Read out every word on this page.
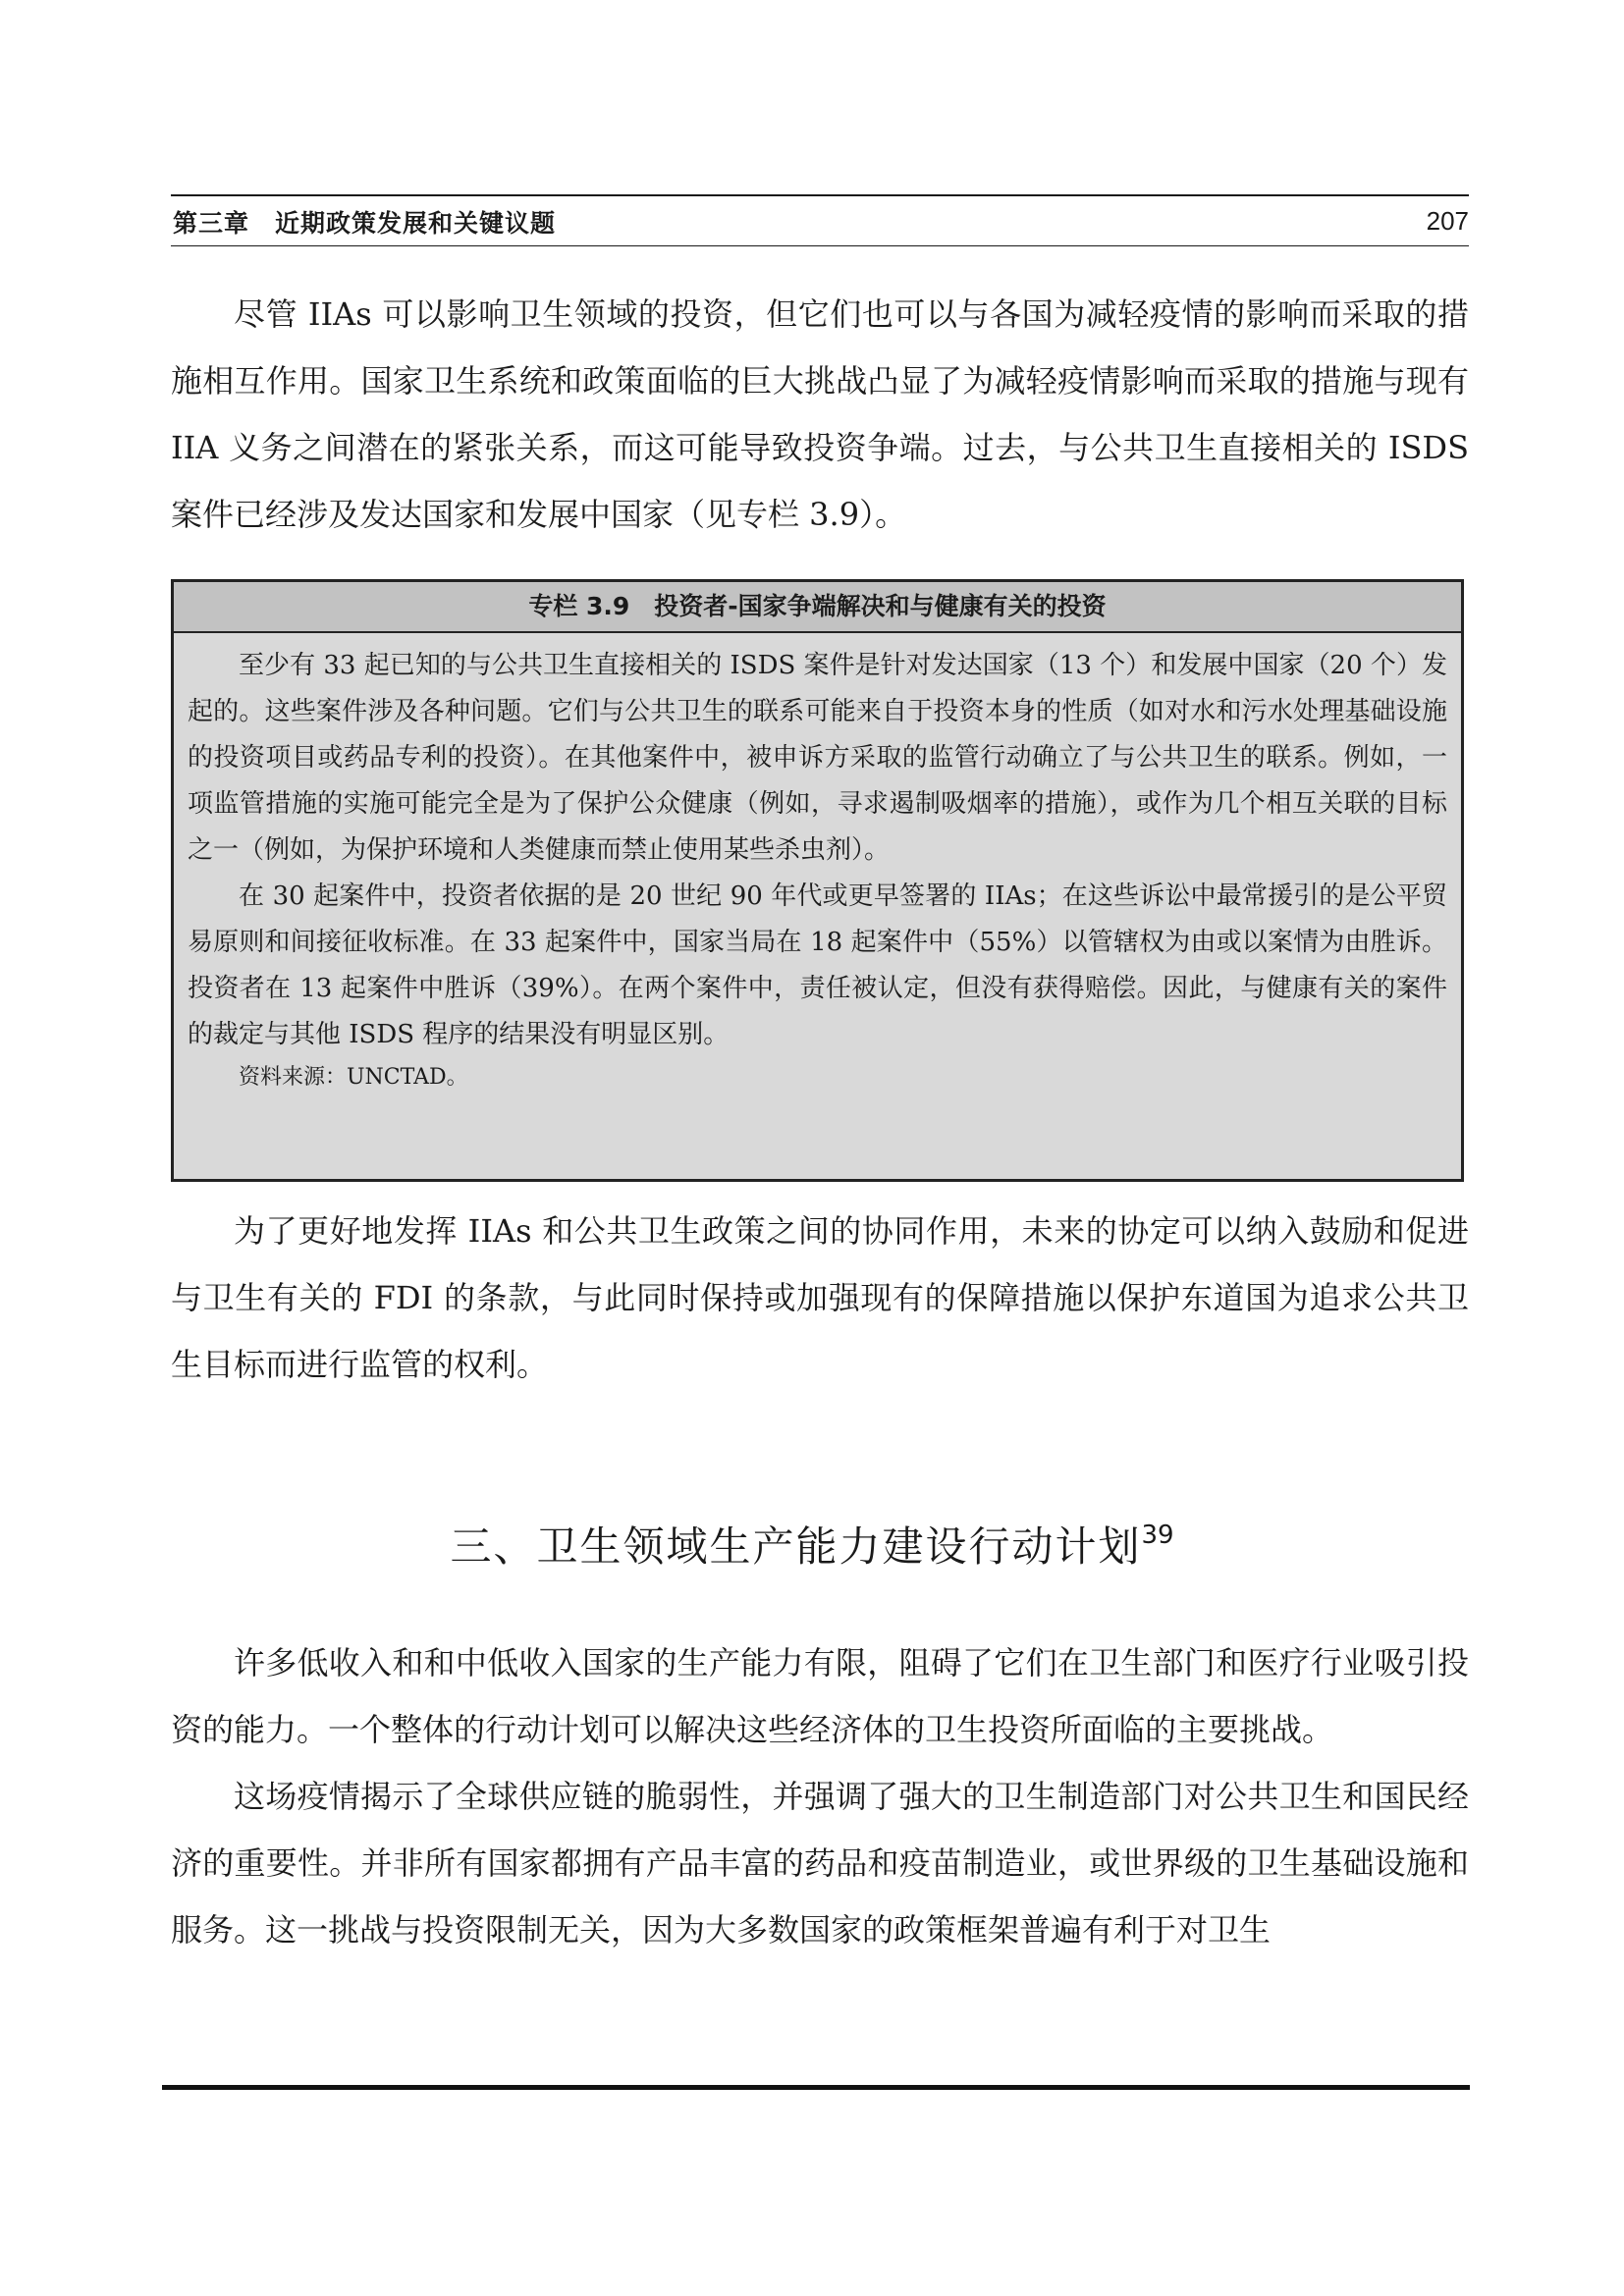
第三章 近期政策发展和关键议题	207

尽管 IIAs 可以影响卫生领域的投资，但它们也可以与各国为减轻疫情的影响而采取的措施相互作用。国家卫生系统和政策面临的巨大挑战凸显了为减轻疫情影响而采取的措施与现有 IIA 义务之间潜在的紧张关系，而这可能导致投资争端。过去，与公共卫生直接相关的 ISDS 案件已经涉及发达国家和发展中国家（见专栏 3.9）。

专栏 3.9　投资者-国家争端解决和与健康有关的投资

至少有 33 起已知的与公共卫生直接相关的 ISDS 案件是针对发达国家（13 个）和发展中国家（20 个）发起的。这些案件涉及各种问题。它们与公共卫生的联系可能来自于投资本身的性质（如对水和污水处理基础设施的投资项目或药品专利的投资）。在其他案件中，被申诉方采取的监管行动确立了与公共卫生的联系。例如，一项监管措施的实施可能完全是为了保护公众健康（例如，寻求遏制吸烟率的措施），或作为几个相互关联的目标之一（例如，为保护环境和人类健康而禁止使用某些杀虫剂）。

在 30 起案件中，投资者依据的是 20 世纪 90 年代或更早签署的 IIAs；在这些诉讼中最常援引的是公平贸易原则和间接征收标准。在 33 起案件中，国家当局在 18 起案件中（55%）以管辖权为由或以案情为由胜诉。投资者在 13 起案件中胜诉（39%）。在两个案件中，责任被认定，但没有获得赔偿。因此，与健康有关的案件的裁定与其他 ISDS 程序的结果没有明显区别。

资料来源：UNCTAD。

为了更好地发挥 IIAs 和公共卫生政策之间的协同作用，未来的协定可以纳入鼓励和促进与卫生有关的 FDI 的条款，与此同时保持或加强现有的保障措施以保护东道国为追求公共卫生目标而进行监管的权利。

三、卫生领域生产能力建设行动计划$^{39}$

许多低收入和和中低收入国家的生产能力有限，阻碍了它们在卫生部门和医疗行业吸引投资的能力。一个整体的行动计划可以解决这些经济体的卫生投资所面临的主要挑战。

这场疫情揭示了全球供应链的脆弱性，并强调了强大的卫生制造部门对公共卫生和国民经济的重要性。并非所有国家都拥有产品丰富的药品和疫苗制造业，或世界级的卫生基础设施和服务。这一挑战与投资限制无关，因为大多数国家的政策框架普遍有利于对卫生
